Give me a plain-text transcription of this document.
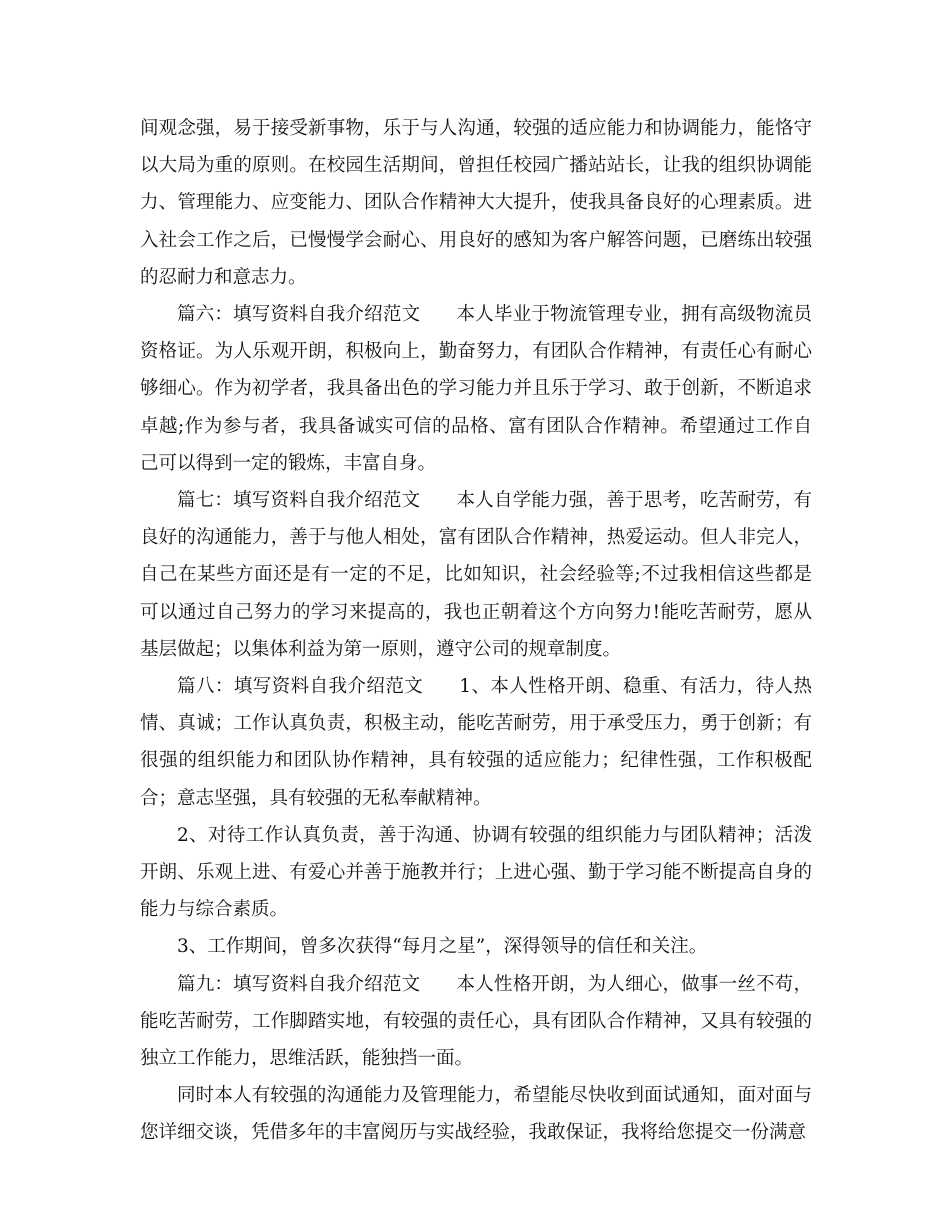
间观念强，易于接受新事物，乐于与人沟通，较强的适应能力和协调能力，能恪守以大局为重的原则。在校园生活期间，曾担任校园广播站站长，让我的组织协调能力、管理能力、应变能力、团队合作精神大大提升，使我具备良好的心理素质。进入社会工作之后，已慢慢学会耐心、用良好的感知为客户解答问题，已磨练出较强的忍耐力和意志力。

篇六：填写资料自我介绍范文 本人毕业于物流管理专业，拥有高级物流员资格证。为人乐观开朗，积极向上，勤奋努力，有团队合作精神，有责任心有耐心够细心。作为初学者，我具备出色的学习能力并且乐于学习、敢于创新，不断追求卓越;作为参与者，我具备诚实可信的品格、富有团队合作精神。希望通过工作自己可以得到一定的锻炼，丰富自身。

篇七：填写资料自我介绍范文 本人自学能力强，善于思考，吃苦耐劳，有良好的沟通能力，善于与他人相处，富有团队合作精神，热爱运动。但人非完人，自己在某些方面还是有一定的不足，比如知识，社会经验等;不过我相信这些都是可以通过自己努力的学习来提高的，我也正朝着这个方向努力!能吃苦耐劳，愿从基层做起；以集体利益为第一原则，遵守公司的规章制度。

篇八：填写资料自我介绍范文 1、本人性格开朗、稳重、有活力，待人热情、真诚；工作认真负责，积极主动，能吃苦耐劳，用于承受压力，勇于创新；有很强的组织能力和团队协作精神，具有较强的适应能力；纪律性强，工作积极配合；意志坚强，具有较强的无私奉献精神。

2、对待工作认真负责，善于沟通、协调有较强的组织能力与团队精神；活泼开朗、乐观上进、有爱心并善于施教并行；上进心强、勤于学习能不断提高自身的能力与综合素质。

3、工作期间，曾多次获得“每月之星”，深得领导的信任和关注。

篇九：填写资料自我介绍范文 本人性格开朗，为人细心，做事一丝不苟，能吃苦耐劳，工作脚踏实地，有较强的责任心，具有团队合作精神，又具有较强的独立工作能力，思维活跃，能独挡一面。

同时本人有较强的沟通能力及管理能力，希望能尽快收到面试通知，面对面与您详细交谈，凭借多年的丰富阅历与实战经验，我敢保证，我将给您提交一份满意
